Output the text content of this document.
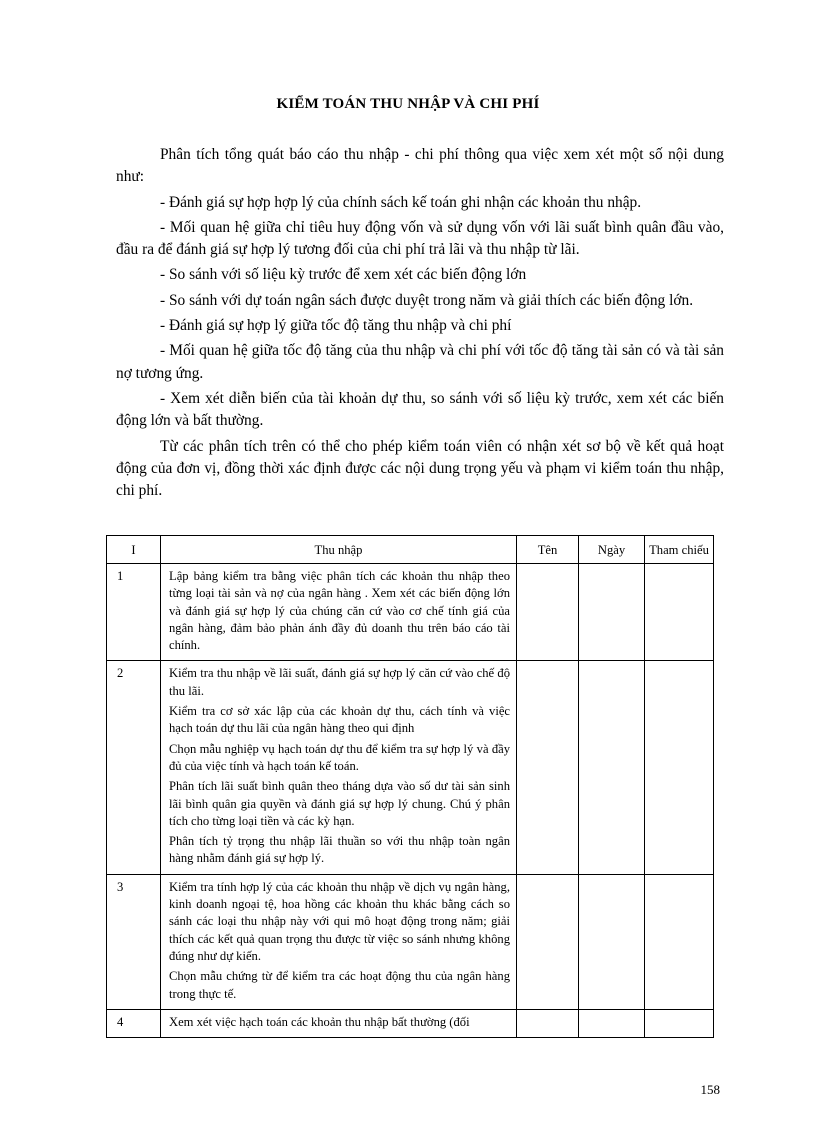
KIỂM TOÁN THU NHẬP VÀ CHI PHÍ

Phân tích tổng quát báo cáo thu nhập - chi phí thông qua việc xem xét một số nội dung như:

- Đánh giá sự hợp hợp lý của chính sách kế toán ghi nhận các khoản thu nhập.

- Mối quan hệ giữa chỉ tiêu huy động vốn và sử dụng vốn với lãi suất bình quân đầu vào, đầu ra để đánh giá sự hợp lý tương đối của chi phí trả lãi và thu nhập từ lãi.

- So sánh với số liệu kỳ trước để xem xét các biến động lớn

- So sánh với dự toán ngân sách được duyệt trong năm và giải thích các biến động lớn.

- Đánh giá sự hợp lý giữa tốc độ tăng thu nhập và chi phí

- Mối quan hệ giữa tốc độ tăng của thu nhập và chi phí với tốc độ tăng tài sản có và tài sản nợ tương ứng.

- Xem xét diễn biến của tài khoản dự thu, so sánh với số liệu kỳ trước, xem xét các biến động lớn và bất thường.

Từ các phân tích trên có thể cho phép kiểm toán viên có nhận xét sơ bộ về kết quả hoạt động của đơn vị, đồng thời xác định được các nội dung trọng yếu và phạm vi kiểm toán thu nhập, chi phí.

I	Thu nhập	Tên	Ngày	Tham chiếu
1	Lập bảng kiểm tra bằng việc phân tích các khoản thu nhập theo từng loại tài sản và nợ của ngân hàng . Xem xét các biến động lớn và đánh giá sự hợp lý của chúng căn cứ vào cơ chế tính giá của ngân hàng, đảm bảo phản ánh đầy đủ doanh thu trên báo cáo tài chính.			

2	Kiểm tra thu nhập về lãi suất, đánh giá sự hợp lý căn cứ vào chế độ thu lãi.

Kiểm tra cơ sở xác lập của các khoản dự thu, cách tính và việc hạch toán dự thu lãi của ngân hàng theo qui định

Chọn mẫu nghiệp vụ hạch toán dự thu để kiểm tra sự hợp lý và đầy đủ của việc tính và hạch toán kế toán.

Phân tích lãi suất bình quân theo tháng dựa vào số dư tài sản sinh lãi bình quân gia quyền và đánh giá sự hợp lý chung. Chú ý phân tích cho từng loại tiền và các kỳ hạn.

Phân tích tỷ trọng thu nhập lãi thuần so với thu nhập toàn ngân hàng nhằm đánh giá sự hợp lý.			

3	Kiểm tra tính hợp lý của các khoản thu nhập về dịch vụ ngân hàng, kinh doanh ngoại tệ, hoa hồng các khoản thu khác bằng cách so sánh các loại thu nhập này với qui mô hoạt động trong năm; giải thích các kết quả quan trọng thu được từ việc so sánh nhưng không đúng như dự kiến.

Chọn mẫu chứng từ để kiểm tra các hoạt động thu của ngân hàng trong thực tế.			

4	Xem xét việc hạch toán các khoản thu nhập bất thường (đối			

158
